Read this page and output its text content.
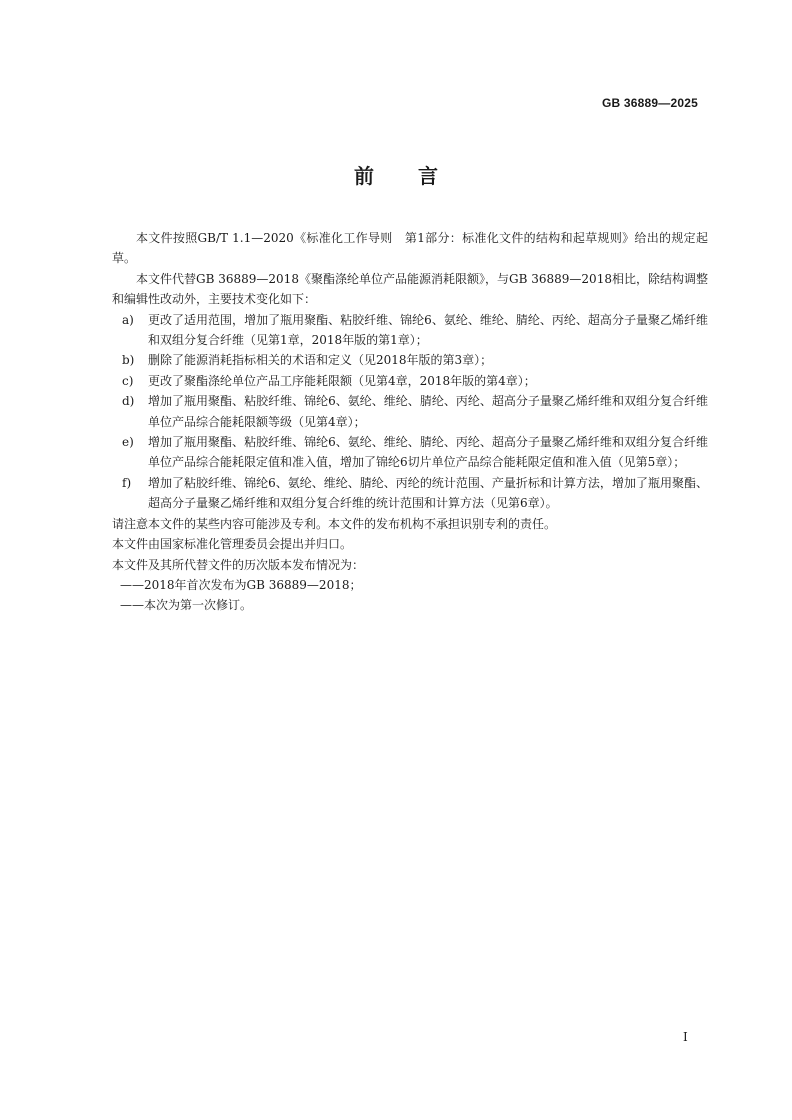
GB 36889—2025
前 言

本文件按照GB/T 1.1—2020《标准化工作导则　第1部分：标准化文件的结构和起草规则》给出的规定起草。

本文件代替GB 36889—2018《聚酯涤纶单位产品能源消耗限额》，与GB 36889—2018相比，除结构调整和编辑性改动外，主要技术变化如下：

a) 更改了适用范围，增加了瓶用聚酯、粘胶纤维、锦纶6、氨纶、维纶、腈纶、丙纶、超高分子量聚乙烯纤维和双组分复合纤维（见第1章，2018年版的第1章）；

b) 删除了能源消耗指标相关的术语和定义（见2018年版的第3章）；

c) 更改了聚酯涤纶单位产品工序能耗限额（见第4章，2018年版的第4章）；

d) 增加了瓶用聚酯、粘胶纤维、锦纶6、氨纶、维纶、腈纶、丙纶、超高分子量聚乙烯纤维和双组分复合纤维单位产品综合能耗限额等级（见第4章）；

e) 增加了瓶用聚酯、粘胶纤维、锦纶6、氨纶、维纶、腈纶、丙纶、超高分子量聚乙烯纤维和双组分复合纤维单位产品综合能耗限定值和准入值，增加了锦纶6切片单位产品综合能耗限定值和准入值（见第5章）；

f) 增加了粘胶纤维、锦纶6、氨纶、维纶、腈纶、丙纶的统计范围、产量折标和计算方法，增加了瓶用聚酯、超高分子量聚乙烯纤维和双组分复合纤维的统计范围和计算方法（见第6章）。

请注意本文件的某些内容可能涉及专利。本文件的发布机构不承担识别专利的责任。

本文件由国家标准化管理委员会提出并归口。

本文件及其所代替文件的历次版本发布情况为：

——2018年首次发布为GB 36889—2018；

——本次为第一次修订。

I
